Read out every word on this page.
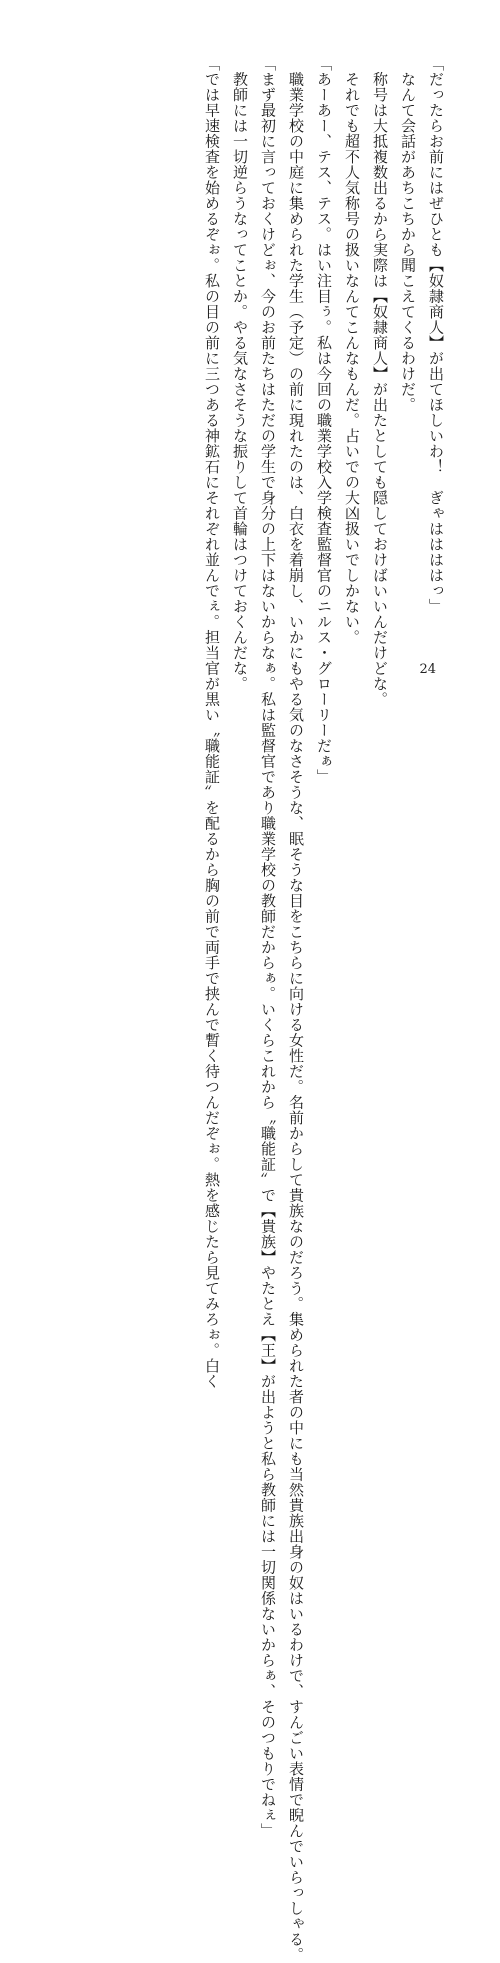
「だったらお前にはぜひとも【奴隷商人】が出てほしいわ！　ぎゃははははっ」
　なんて会話があちこちから聞こえてくるわけだ。
　称号は大抵複数出るから実際は【奴隷商人】が出たとしても隠しておけばいいんだけどな。
　それでも超不人気称号の扱いなんてこんなもんだ。占いでの大凶扱いでしかない。
「あーあー、テス、テス。はい注目ぅ。私は今回の職業学校入学検査監督官のニルス・グローリーだぁ」
　職業学校の中庭に集められた学生（予定）の前に現れたのは、白衣を着崩し、いかにもやる気のなさそうな、眠そうな目をこちらに向ける女性だ。名前からして貴族なのだろう。集められた者の中にも当然貴族出身の奴はいるわけで、すんごい表情で睨んでいらっしゃる。
「まず最初に言っておくけどぉ、今のお前たちはただの学生で身分の上下はないからなぁ。私は監督官であり職業学校の教師だからぁ。いくらこれから〝職能証〟で【貴族】やたとえ【王】が出ようと私ら教師には一切関係ないからぁ、そのつもりでねぇ」
　教師には一切逆らうなってことか。やる気なさそうな振りして首輪はつけておくんだな。
「では早速検査を始めるぞぉ。私の目の前に三つある神鉱石にそれぞれ並んでぇ。担当官が黒い〝職能証〟を配るから胸の前で両手で挟んで暫く待つんだぞぉ。熱を感じたら見てみろぉ。白く	24
